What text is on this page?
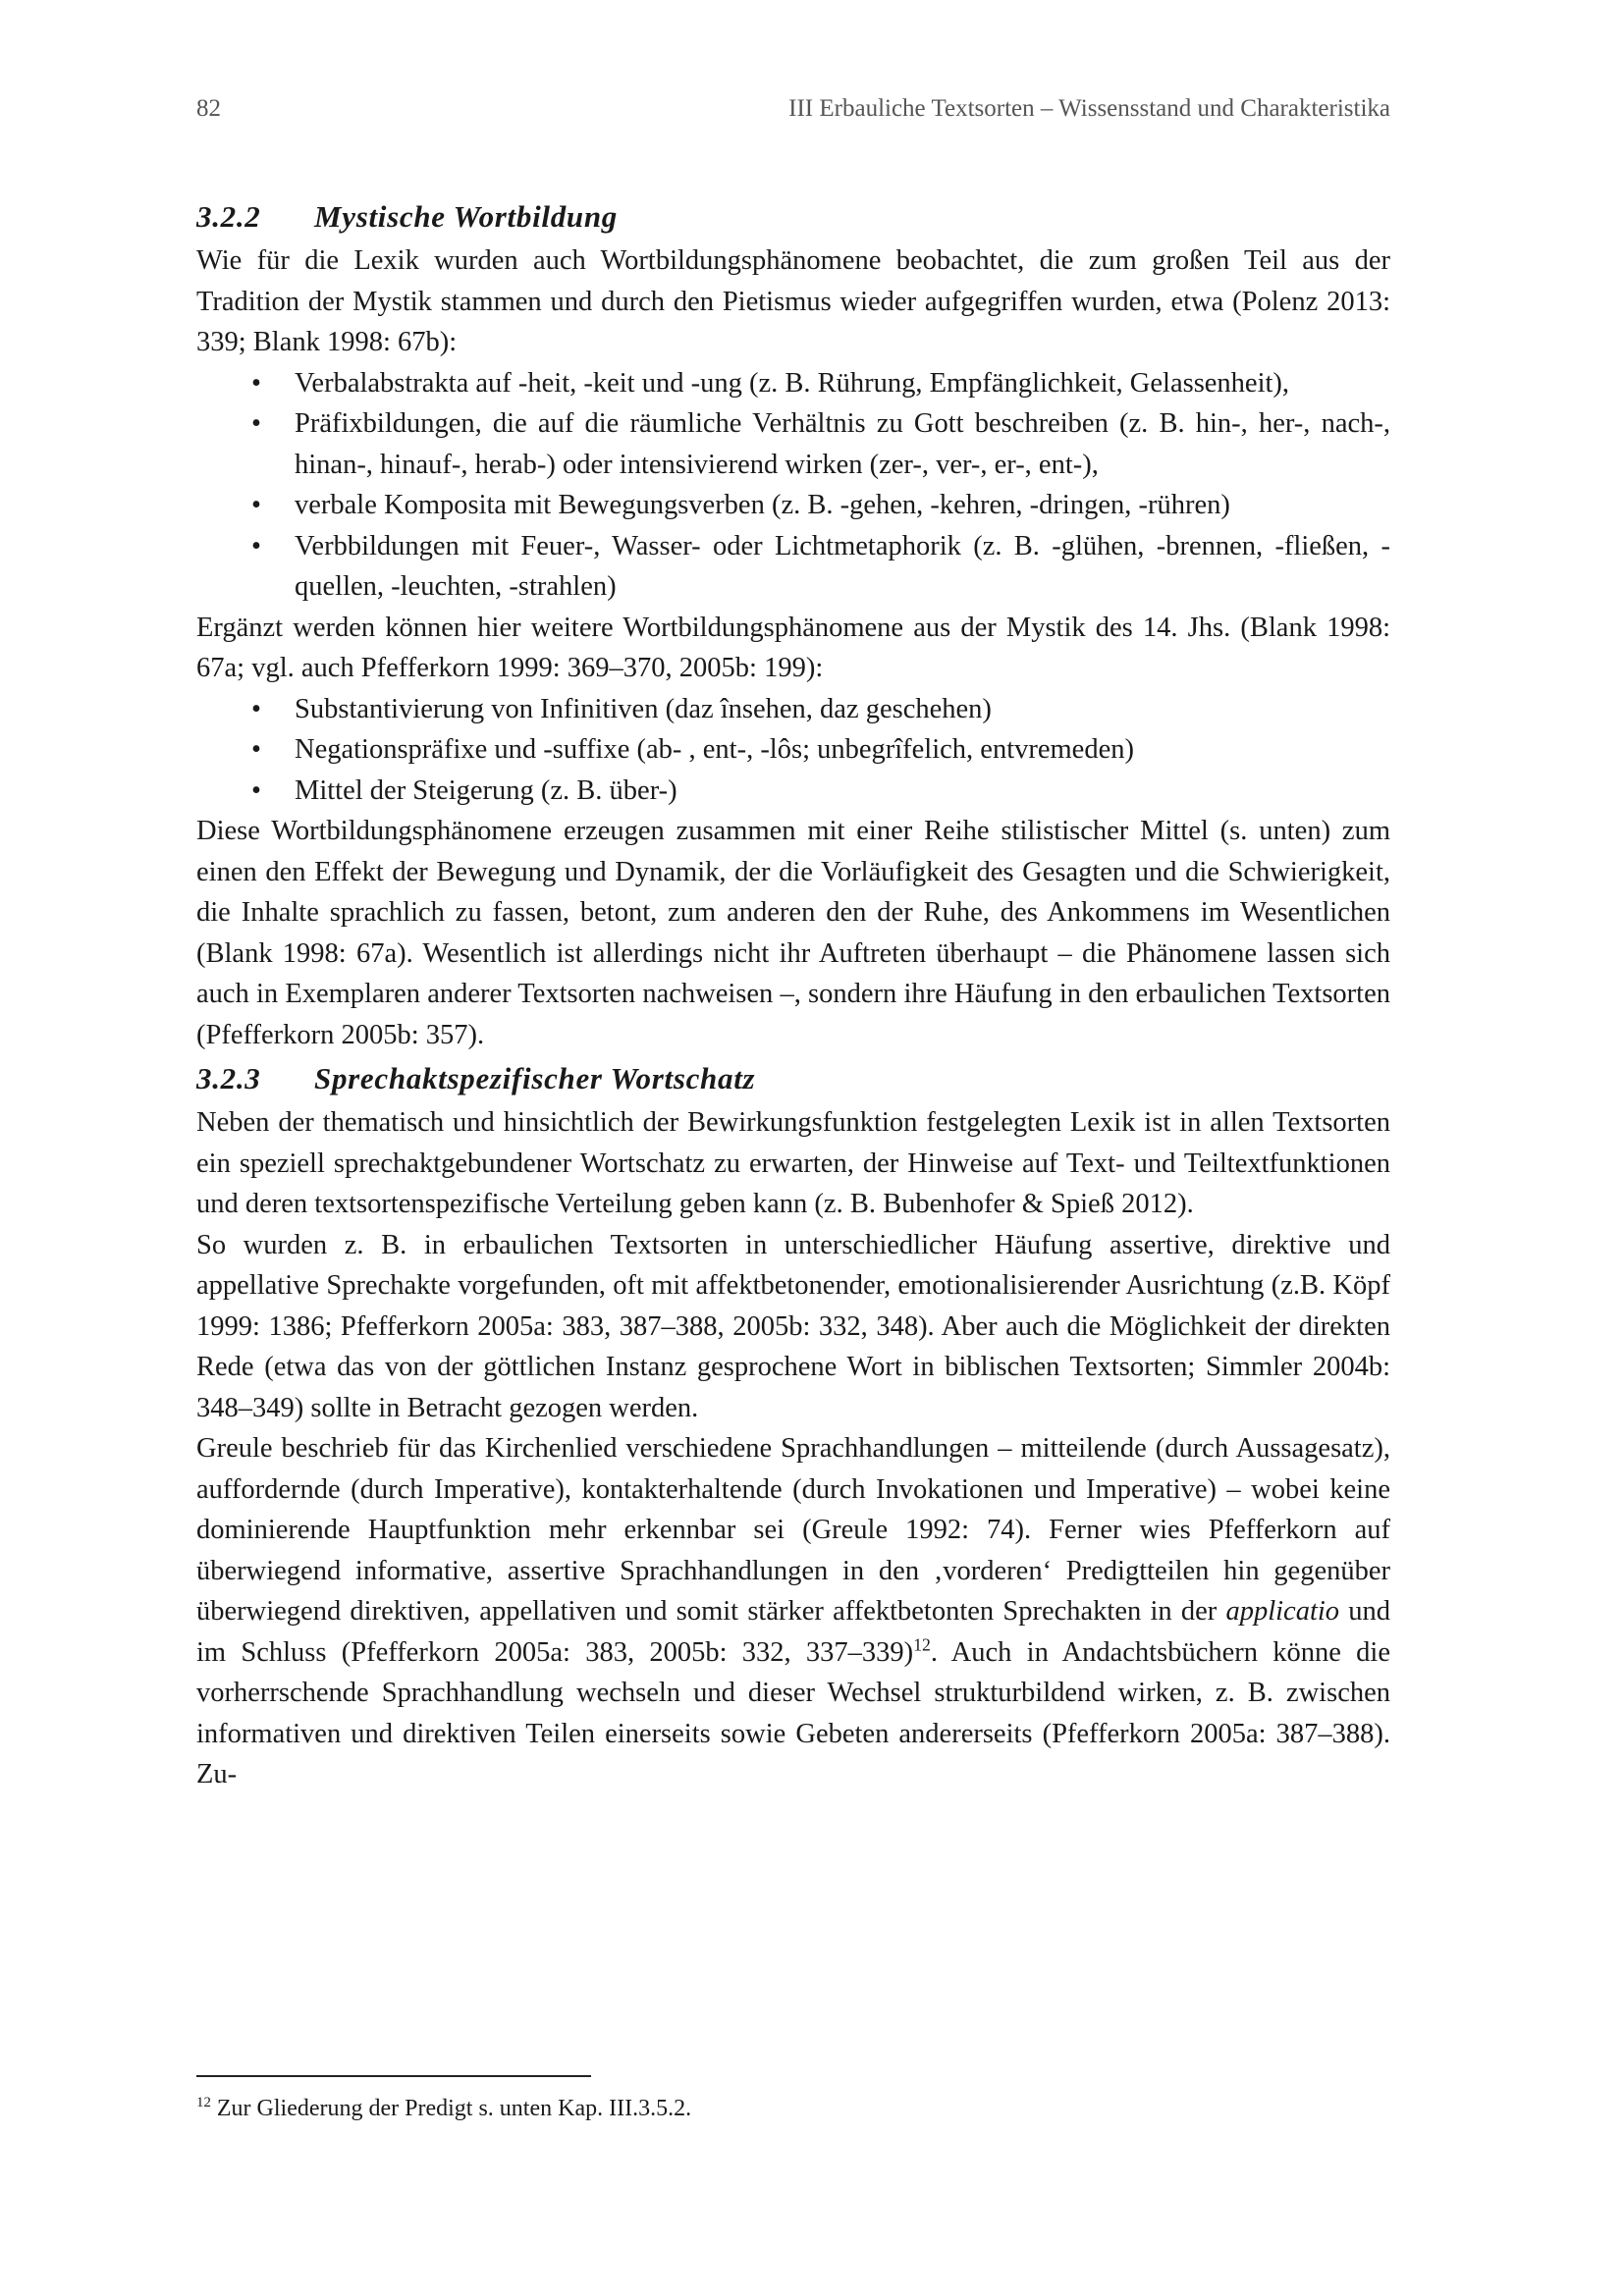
82	III Erbauliche Textsorten – Wissensstand und Charakteristika
3.2.2 Mystische Wortbildung

Wie für die Lexik wurden auch Wortbildungsphänomene beobachtet, die zum großen Teil aus der Tradition der Mystik stammen und durch den Pietismus wieder aufgegriffen wurden, etwa (Polenz 2013: 339; Blank 1998: 67b):

• Verbalabstrakta auf -heit, -keit und -ung (z. B. Rührung, Empfänglichkeit, Gelassenheit),
• Präfixbildungen, die auf die räumliche Verhältnis zu Gott beschreiben (z. B. hin-, her-, nach-, hinan-, hinauf-, herab-) oder intensivierend wirken (zer-, ver-, er-, ent-),
• verbale Komposita mit Bewegungsverben (z. B. -gehen, -kehren, -dringen, -rühren)
• Verbbildungen mit Feuer-, Wasser- oder Lichtmetaphorik (z. B. -glühen, -brennen, -fließen, -quellen, -leuchten, -strahlen)

Ergänzt werden können hier weitere Wortbildungsphänomene aus der Mystik des 14. Jhs. (Blank 1998: 67a; vgl. auch Pfefferkorn 1999: 369–370, 2005b: 199):

• Substantivierung von Infinitiven (daz însehen, daz geschehen)
• Negationspräfixe und -suffixe (ab- , ent-, -lôs; unbegrîfelich, entvremeden)
• Mittel der Steigerung (z. B. über-)

Diese Wortbildungsphänomene erzeugen zusammen mit einer Reihe stilistischer Mittel (s. unten) zum einen den Effekt der Bewegung und Dynamik, der die Vorläufigkeit des Gesagten und die Schwierigkeit, die Inhalte sprachlich zu fassen, betont, zum anderen den der Ruhe, des Ankommens im Wesentlichen (Blank 1998: 67a). Wesentlich ist allerdings nicht ihr Auftreten überhaupt – die Phänomene lassen sich auch in Exemplaren anderer Textsorten nachweisen –, sondern ihre Häufung in den erbaulichen Textsorten (Pfefferkorn 2005b: 357).

3.2.3 Sprechaktspezifischer Wortschatz

Neben der thematisch und hinsichtlich der Bewirkungsfunktion festgelegten Lexik ist in allen Textsorten ein speziell sprechaktgebundener Wortschatz zu erwarten, der Hinweise auf Text- und Teiltextfunktionen und deren textsortenspezifische Verteilung geben kann (z. B. Bubenhofer & Spieß 2012).

So wurden z. B. in erbaulichen Textsorten in unterschiedlicher Häufung assertive, direktive und appellative Sprechakte vorgefunden, oft mit affektbetonender, emotionalisierender Ausrichtung (z.B. Köpf 1999: 1386; Pfefferkorn 2005a: 383, 387–388, 2005b: 332, 348). Aber auch die Möglichkeit der direkten Rede (etwa das von der göttlichen Instanz gesprochene Wort in biblischen Textsorten; Simmler 2004b: 348–349) sollte in Betracht gezogen werden.

Greule beschrieb für das Kirchenlied verschiedene Sprachhandlungen – mitteilende (durch Aussagesatz), auffordernde (durch Imperative), kontakterhaltende (durch Invokationen und Imperative) – wobei keine dominierende Hauptfunktion mehr erkennbar sei (Greule 1992: 74). Ferner wies Pfefferkorn auf überwiegend informative, assertive Sprachhandlungen in den ‚vorderen‘ Predigtteilen hin gegenüber überwiegend direktiven, appellativen und somit stärker affektbetonten Sprechakten in der applicatio und im Schluss (Pfefferkorn 2005a: 383, 2005b: 332, 337–339)$^{12}$. Auch in Andachtsbüchern könne die vorherrschende Sprachhandlung wechseln und dieser Wechsel strukturbildend wirken, z. B. zwischen informativen und direktiven Teilen einerseits sowie Gebeten andererseits (Pfefferkorn 2005a: 387–388). Zu-

$^{12}$ Zur Gliederung der Predigt s. unten Kap. III.3.5.2.
